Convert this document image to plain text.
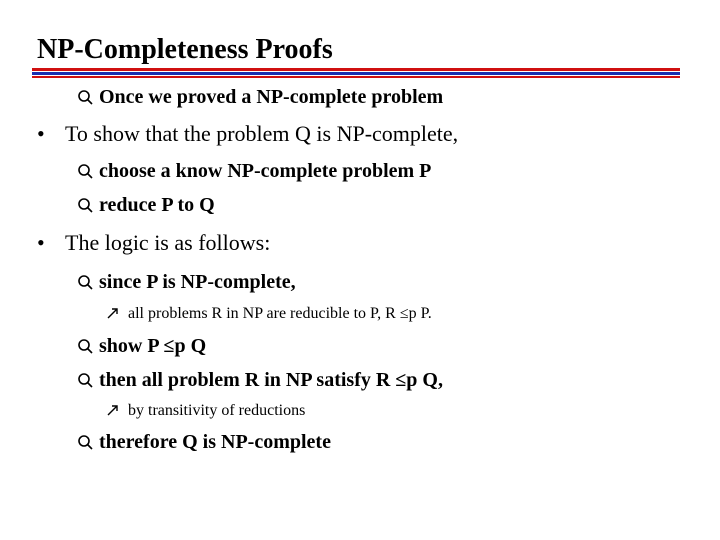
NP-Completeness Proofs
Once we proved a NP-complete problem
• To show that the problem Q is NP-complete,
choose a know NP-complete problem P
reduce P to Q
• The logic is as follows:
since P is NP-complete,
all problems R in NP are reducible to P, R ≤p P.
show P ≤p Q
then all problem R in NP satisfy R ≤p Q,
by transitivity of reductions
therefore Q is NP-complete
